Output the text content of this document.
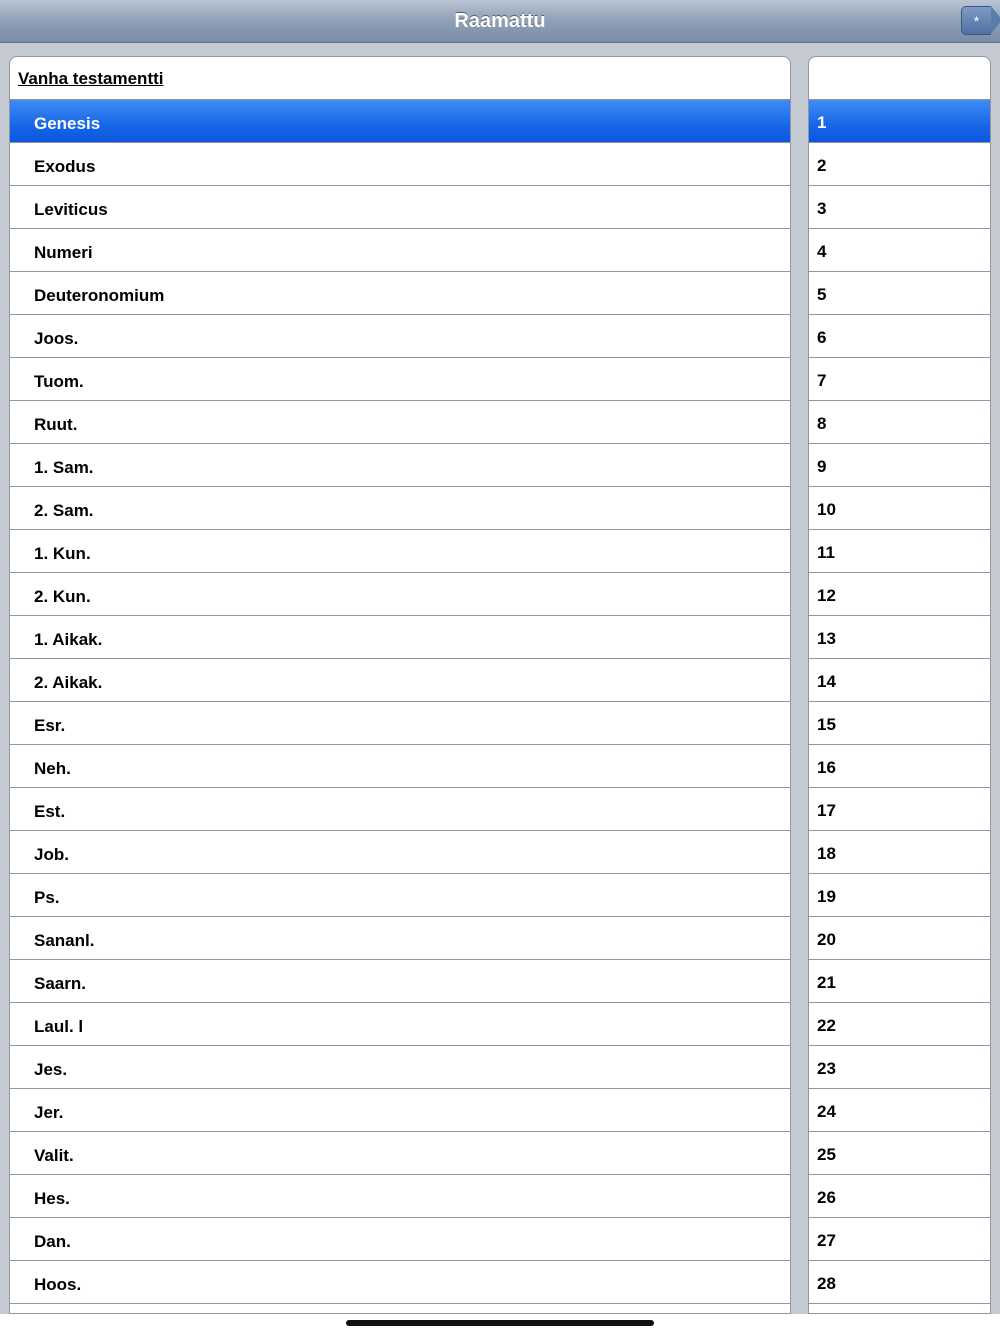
Raamattu	*
Vanha testamentti
Genesis
Exodus
Leviticus
Numeri
Deuteronomium
Joos.
Tuom.
Ruut.
1. Sam.
2. Sam.
1. Kun.
2. Kun.
1. Aikak.
2. Aikak.
Esr.
Neh.
Est.
Job.
Ps.
Sananl.
Saarn.
Laul. l
Jes.
Jer.
Valit.
Hes.
Dan.
Hoos.
1
2
3
4
5
6
7
8
9
10
11
12
13
14
15
16
17
18
19
20
21
22
23
24
25
26
27
28
